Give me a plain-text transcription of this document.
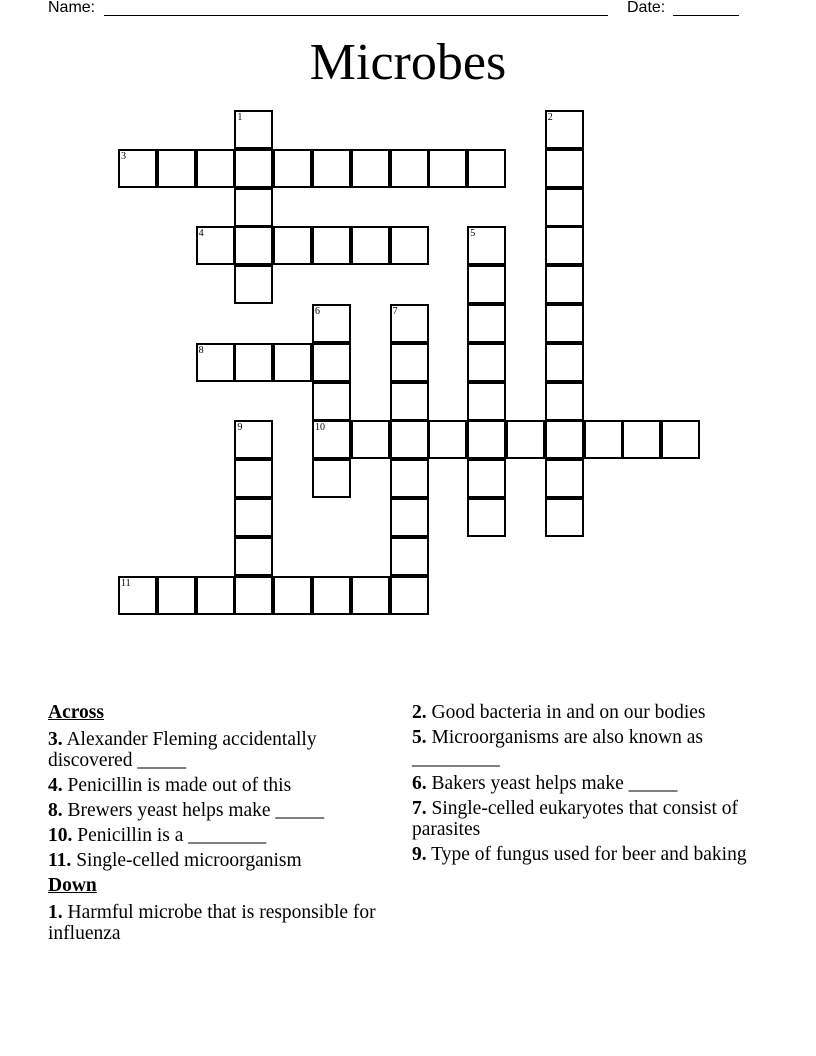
Name:	Date:
Microbes
3
4
8
10
11
1	2
5
6	7
9
Across
3. Alexander Fleming accidentally discovered _____
4. Penicillin is made out of this
8. Brewers yeast helps make _____
10. Penicillin is a ________
11. Single-celled microorganism
Down
1. Harmful microbe that is responsible for influenza
2. Good bacteria in and on our bodies
5. Microorganisms are also known as _________
6. Bakers yeast helps make _____
7. Single-celled eukaryotes that consist of parasites
9. Type of fungus used for beer and baking
